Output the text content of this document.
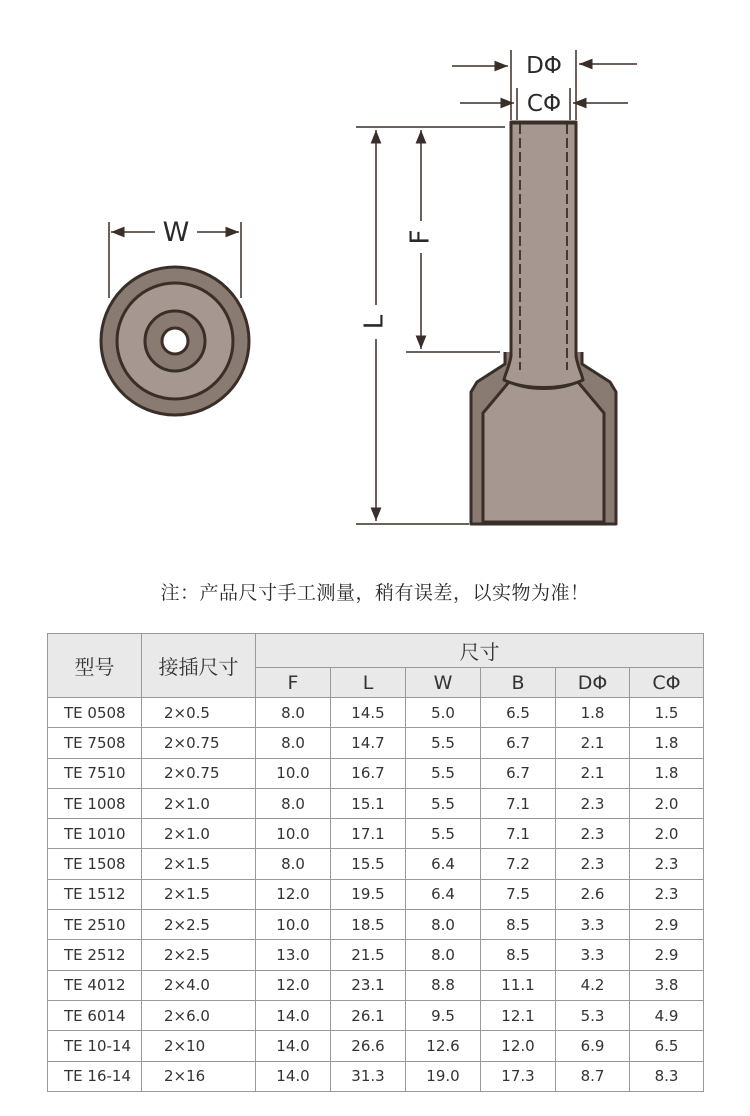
W
DΦ
CΦ
L
F
注：产品尺寸手工测量，稍有误差，以实物为准！
型号	接插尺寸	尺寸					
		F	L	W	B	DΦ	CΦ
TE 0508	2×0.5	8.0	14.5	5.0	6.5	1.8	1.5
TE 7508	2×0.75	8.0	14.7	5.5	6.7	2.1	1.8
TE 7510	2×0.75	10.0	16.7	5.5	6.7	2.1	1.8
TE 1008	2×1.0	8.0	15.1	5.5	7.1	2.3	2.0
TE 1010	2×1.0	10.0	17.1	5.5	7.1	2.3	2.0
TE 1508	2×1.5	8.0	15.5	6.4	7.2	2.3	2.3
TE 1512	2×1.5	12.0	19.5	6.4	7.5	2.6	2.3
TE 2510	2×2.5	10.0	18.5	8.0	8.5	3.3	2.9
TE 2512	2×2.5	13.0	21.5	8.0	8.5	3.3	2.9
TE 4012	2×4.0	12.0	23.1	8.8	11.1	4.2	3.8
TE 6014	2×6.0	14.0	26.1	9.5	12.1	5.3	4.9
TE 10-14	2×10	14.0	26.6	12.6	12.0	6.9	6.5
TE 16-14	2×16	14.0	31.3	19.0	17.3	8.7	8.3
